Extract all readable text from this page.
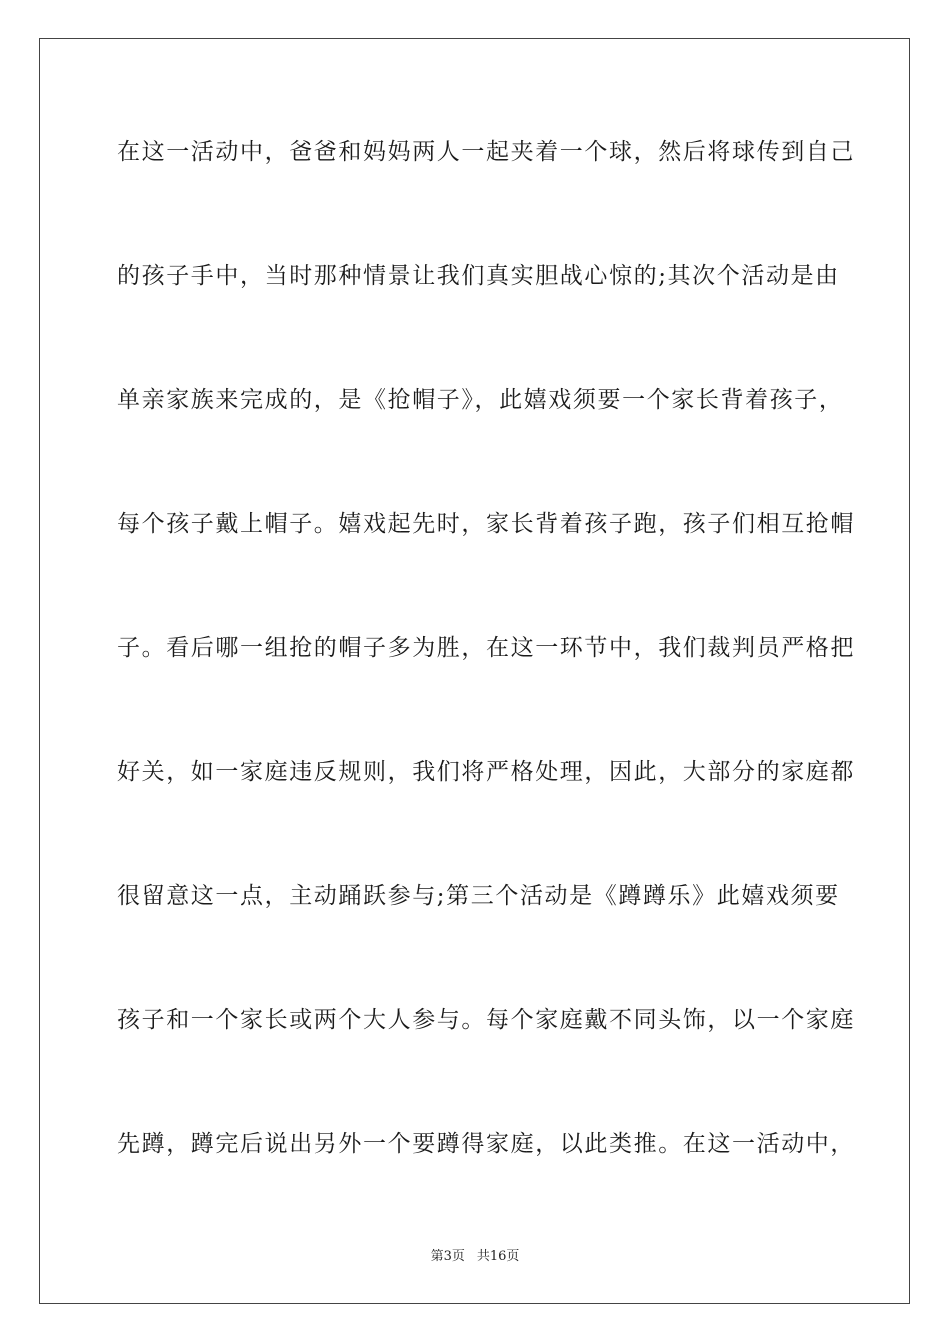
在这一活动中，爸爸和妈妈两人一起夹着一个球，然后将球传到自己
的孩子手中，当时那种情景让我们真实胆战心惊的;其次个活动是由
单亲家族来完成的，是《抢帽子》，此嬉戏须要一个家长背着孩子，
每个孩子戴上帽子。嬉戏起先时，家长背着孩子跑，孩子们相互抢帽
子。看后哪一组抢的帽子多为胜，在这一环节中，我们裁判员严格把
好关，如一家庭违反规则，我们将严格处理，因此，大部分的家庭都
很留意这一点，主动踊跃参与;第三个活动是《蹲蹲乐》此嬉戏须要
孩子和一个家长或两个大人参与。每个家庭戴不同头饰，以一个家庭
先蹲，蹲完后说出另外一个要蹲得家庭，以此类推。在这一活动中，
第3页 共16页
